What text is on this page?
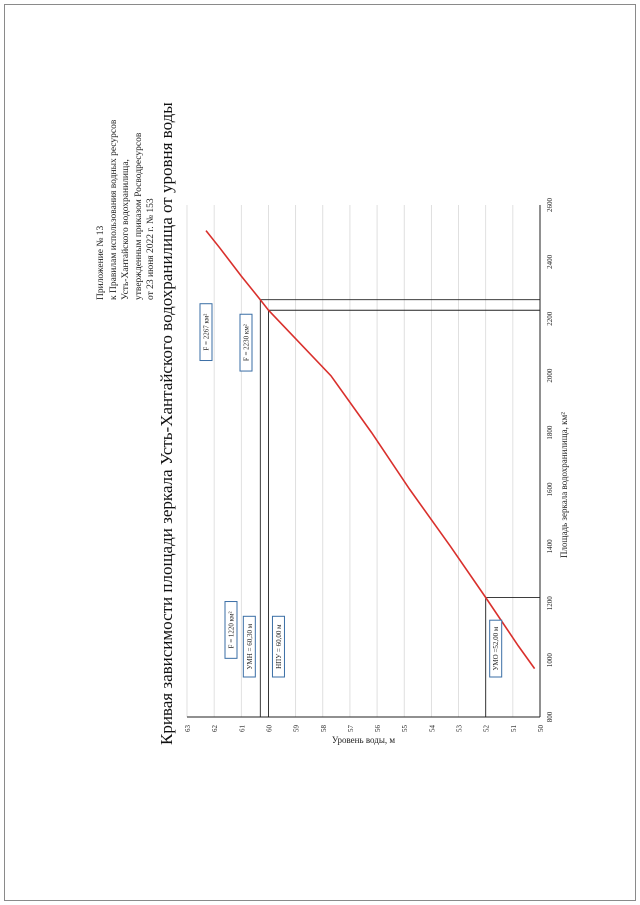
Приложение № 13 к Правилам использования водных ресурсов Усть-Хантайского водохранилища, утвержденным приказом Росводресурсов от 23 июня 2022 г. № 153 Кривая зависимости площади зеркала Усть-Хантайского водохранилища от уровня воды	50
51
52
53
54
55
56
57
58
59
60
61
62
63
800
1000
1200
1400
1600
1800
2000
2200
2400
2600
Площадь зеркала водохранилища, км²
Уровень воды, м
УМН = 60,30 м	НПУ = 60,00 м	УМО =52,00 м
F = 2267 км²	F = 2230 км²
F = 1220 км²
